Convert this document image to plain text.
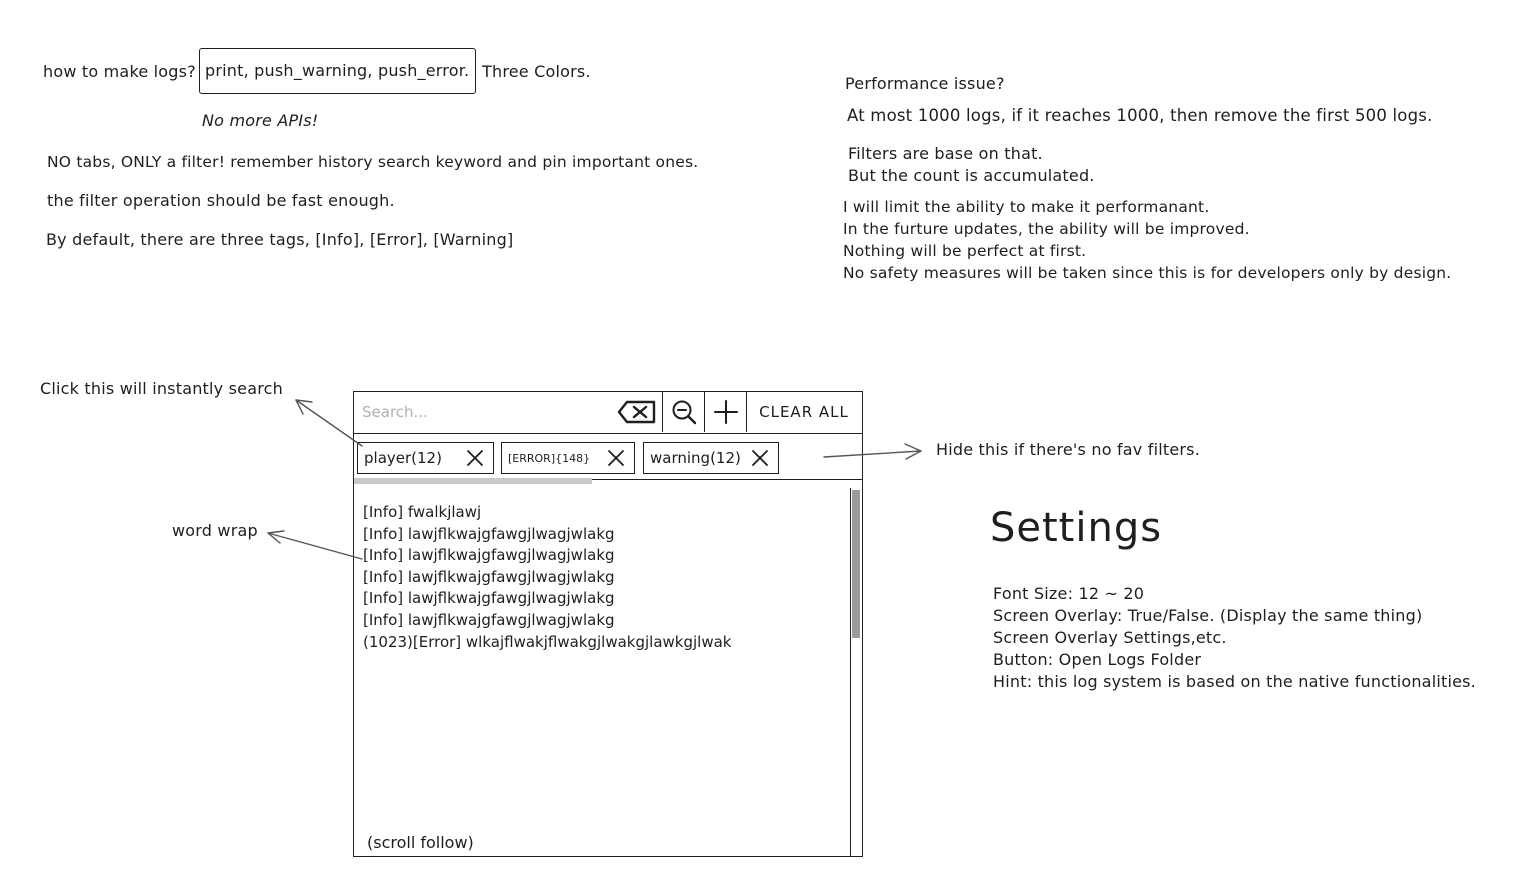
how to make logs? print, push_warning, push_error. Three Colors.
No more APIs!
NO tabs, ONLY a filter! remember history search keyword and pin important ones.
the filter operation should be fast enough.
By default, there are three tags, [Info], [Error], [Warning]
Performance issue?
At most 1000 logs, if it reaches 1000, then remove the first 500 logs.
Filters are base on that.
But the count is accumulated.
I will limit the ability to make it performanant.
In the furture updates, the ability will be improved.
Nothing will be perfect at first.
No safety measures will be taken since this is for developers only by design.
Click this will instantly search
Hide this if there's no fav filters.
word wrap
Search...
CLEAR ALL
player(12)	[ERROR]{148}	warning(12)
[Info] fwalkjlawj
[Info] lawjflkwajgfawgjlwagjwlakg
[Info] lawjflkwajgfawgjlwagjwlakg
[Info] lawjflkwajgfawgjlwagjwlakg
[Info] lawjflkwajgfawgjlwagjwlakg
[Info] lawjflkwajgfawgjlwagjwlakg
(1023)[Error] wlkajflwakjflwakgjlwakgjlawkgjlwak
(scroll follow)
Settings
Font Size: 12 ~ 20
Screen Overlay: True/False. (Display the same thing)
Screen Overlay Settings,etc.
Button: Open Logs Folder
Hint: this log system is based on the native functionalities.
